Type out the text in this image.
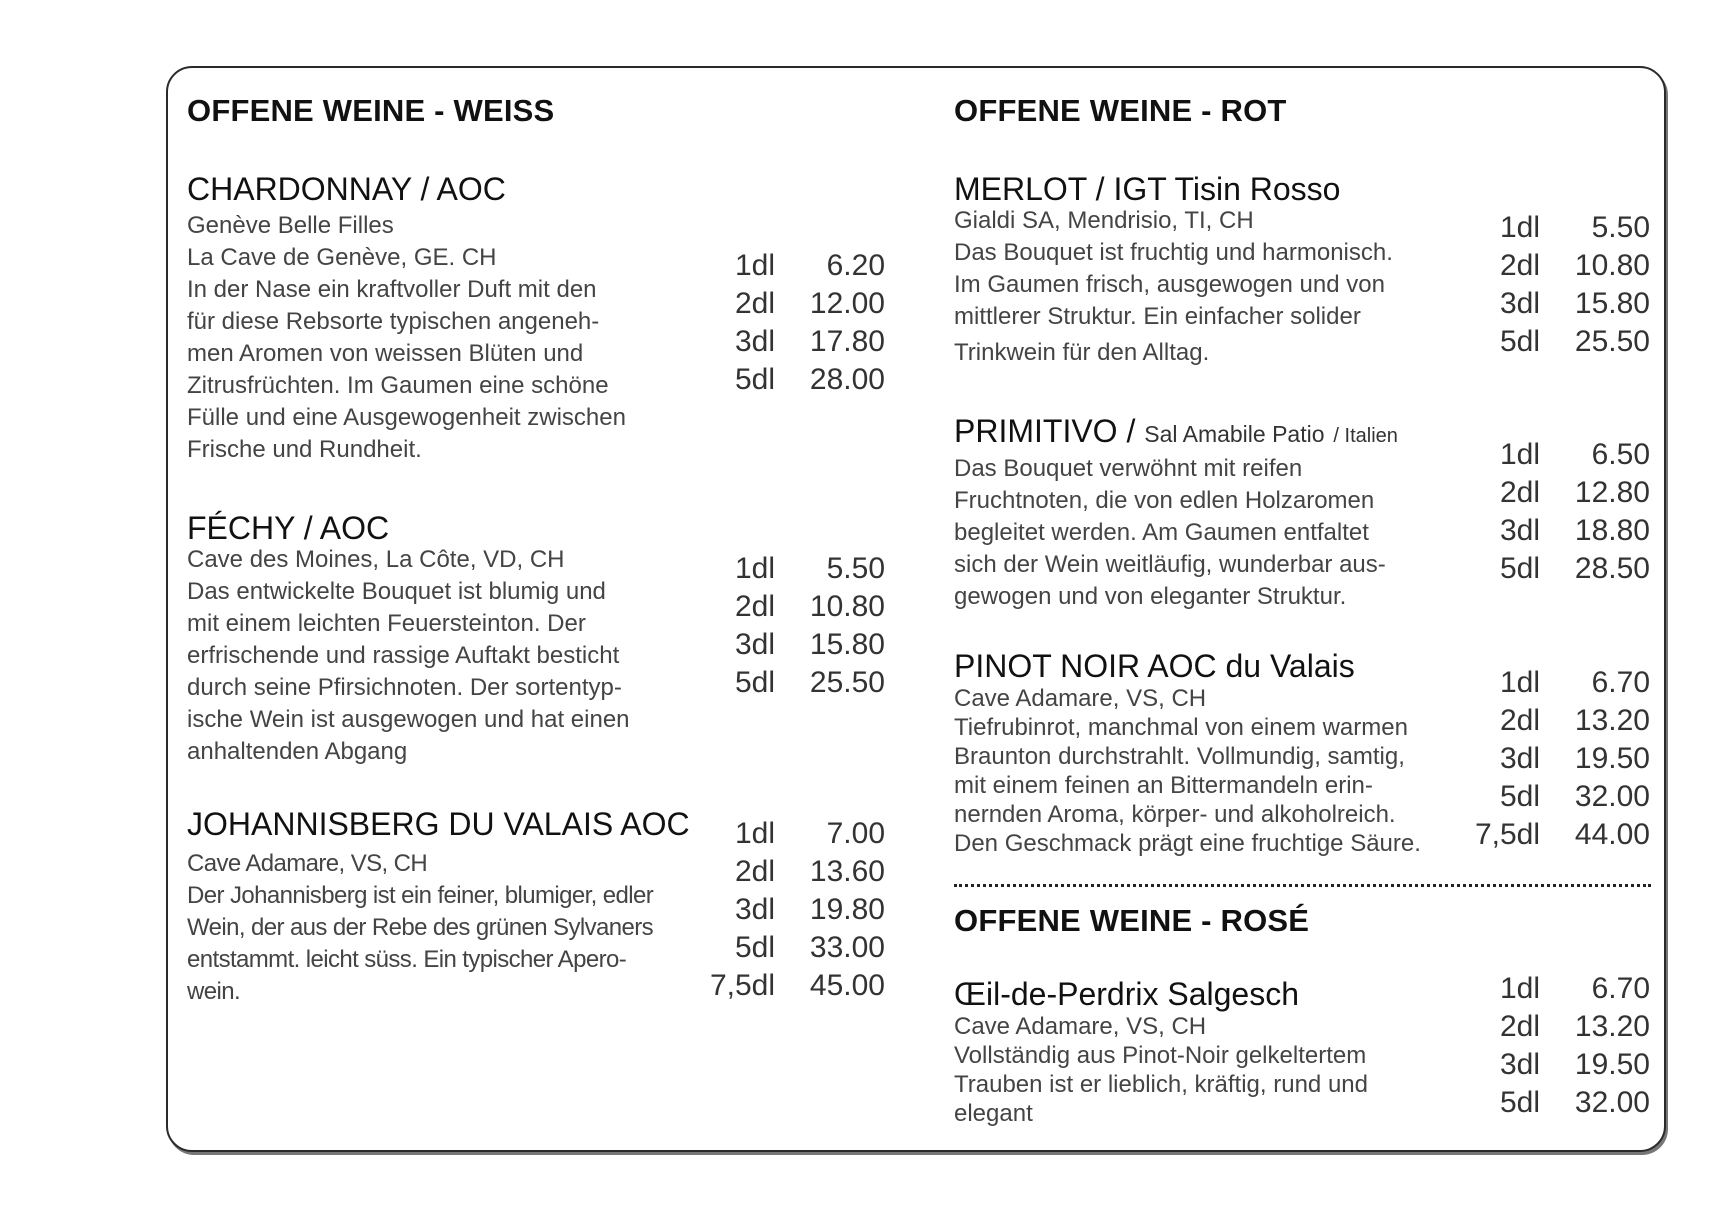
OFFENE WEINE - WEISS	OFFENE WEINE - ROT
OFFENE WEINE - ROSÉ
CHARDONNAY / AOC
Genève Belle Filles
La Cave de Genève, GE. CH
In der Nase ein kraftvoller Duft mit den
für diese Rebsorte typischen angeneh-
men Aromen von weissen Blüten und
Zitrusfrüchten. Im Gaumen eine schöne
Fülle und eine Ausgewogenheit zwischen
Frische und Rundheit.
1dl 6.20
2dl 12.00
3dl 17.80
5dl 28.00
FÉCHY / AOC
Cave des Moines, La Côte, VD, CH
Das entwickelte Bouquet ist blumig und
mit einem leichten Feuersteinton. Der
erfrischende und rassige Auftakt besticht
durch seine Pfirsichnoten. Der sortentyp-
ische Wein ist ausgewogen und hat einen
anhaltenden Abgang
1dl 5.50
2dl 10.80
3dl 15.80
5dl 25.50
JOHANNISBERG DU VALAIS AOC
Cave Adamare, VS, CH
Der Johannisberg ist ein feiner, blumiger, edler
Wein, der aus der Rebe des grünen Sylvaners
entstammt. leicht süss. Ein typischer Apero-
wein.
1dl 7.00
2dl 13.60
3dl 19.80
5dl 33.00
7,5dl 45.00
MERLOT / IGT Tisin Rosso
Gialdi SA, Mendrisio, TI, CH
Das Bouquet ist fruchtig und harmonisch.
Im Gaumen frisch, ausgewogen und von
mittlerer Struktur. Ein einfacher solider
Trinkwein für den Alltag.
1dl 5.50
2dl 10.80
3dl 15.80
5dl 25.50
PRIMITIVO / Sal Amabile Patio / Italien
Das Bouquet verwöhnt mit reifen
Fruchtnoten, die von edlen Holzaromen
begleitet werden. Am Gaumen entfaltet
sich der Wein weitläufig, wunderbar aus-
gewogen und von eleganter Struktur.
1dl 6.50
2dl 12.80
3dl 18.80
5dl 28.50
PINOT NOIR AOC du Valais
Cave Adamare, VS, CH
Tiefrubinrot, manchmal von einem warmen
Braunton durchstrahlt. Vollmundig, samtig,
mit einem feinen an Bittermandeln erin-
nernden Aroma, körper- und alkoholreich.
Den Geschmack prägt eine fruchtige Säure.
1dl 6.70
2dl 13.20
3dl 19.50
5dl 32.00
7,5dl 44.00
Œil-de-Perdrix Salgesch
Cave Adamare, VS, CH
Vollständig aus Pinot-Noir gelkeltertem
Trauben ist er lieblich, kräftig, rund und
elegant
1dl 6.70
2dl 13.20
3dl 19.50
5dl 32.00
